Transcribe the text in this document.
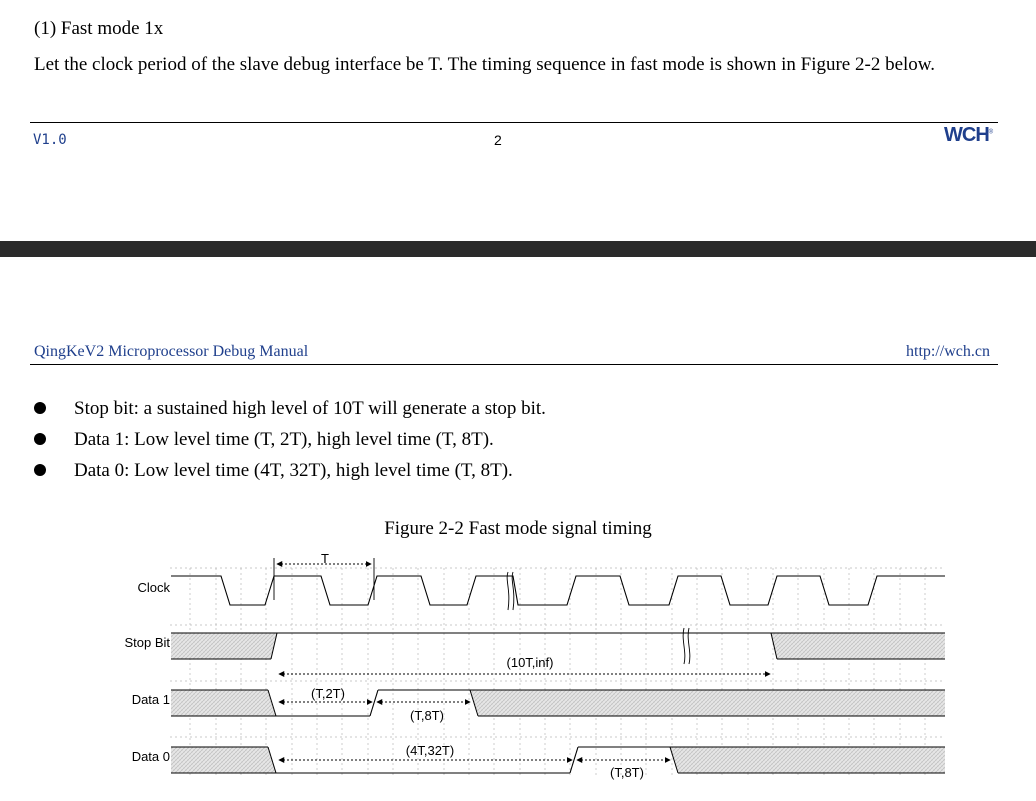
(1) Fast mode 1x
Let the clock period of the slave debug interface be T. The timing sequence in fast mode is shown in Figure 2-2 below.
V1.0	2	WCH®
QingKeV2 Microprocessor Debug Manual	http://wch.cn
Stop bit: a sustained high level of 10T will generate a stop bit.
Data 1: Low level time (T, 2T), high level time (T, 8T).
Data 0: Low level time (4T, 32T), high level time (T, 8T).
Figure 2-2 Fast mode signal timing
Clock
Stop Bit
Data 1
Data 0
T
(10T,inf)
(T,2T)
(T,8T)
(4T,32T)
(T,8T)
